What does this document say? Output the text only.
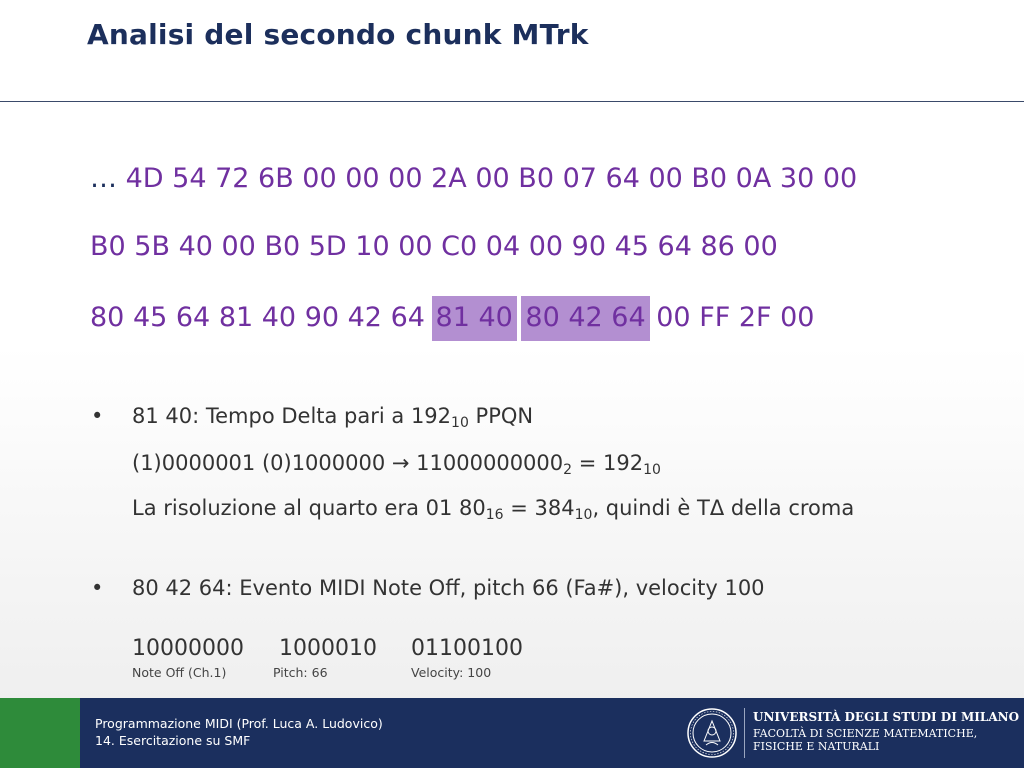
Analisi del secondo chunk MTrk
… 4D 54 72 6B 00 00 00 2A 00 B0 07 64 00 B0 0A 30 00
B0 5B 40 00 B0 5D 10 00 C0 04 00 90 45 64 86 00
80 45 64 81 40 90 42 64 81 40 80 42 64 00 FF 2F 00
• 81 40: Tempo Delta pari a $192_{10}$ PPQN
(1)0000001 $(0)1000000 \to 11000000000_2 = 192_{10}$
La risoluzione al quarto era 01 $80_{16} = 384_{10}$, quindi è TΔ della croma
• 80 42 64: Evento MIDI Note Off, pitch 66 (Fa#), velocity 100
10000000 1000010 01100100
Note Off (Ch.1)	Pitch: 66	Velocity: 100
Programmazione MIDI (Prof. Luca A. Ludovico)
14. Esercitazione su SMF
UNIVERSITÀ DEGLI STUDI DI MILANO
FACOLTÀ DI SCIENZE MATEMATICHE,
FISICHE E NATURALI
